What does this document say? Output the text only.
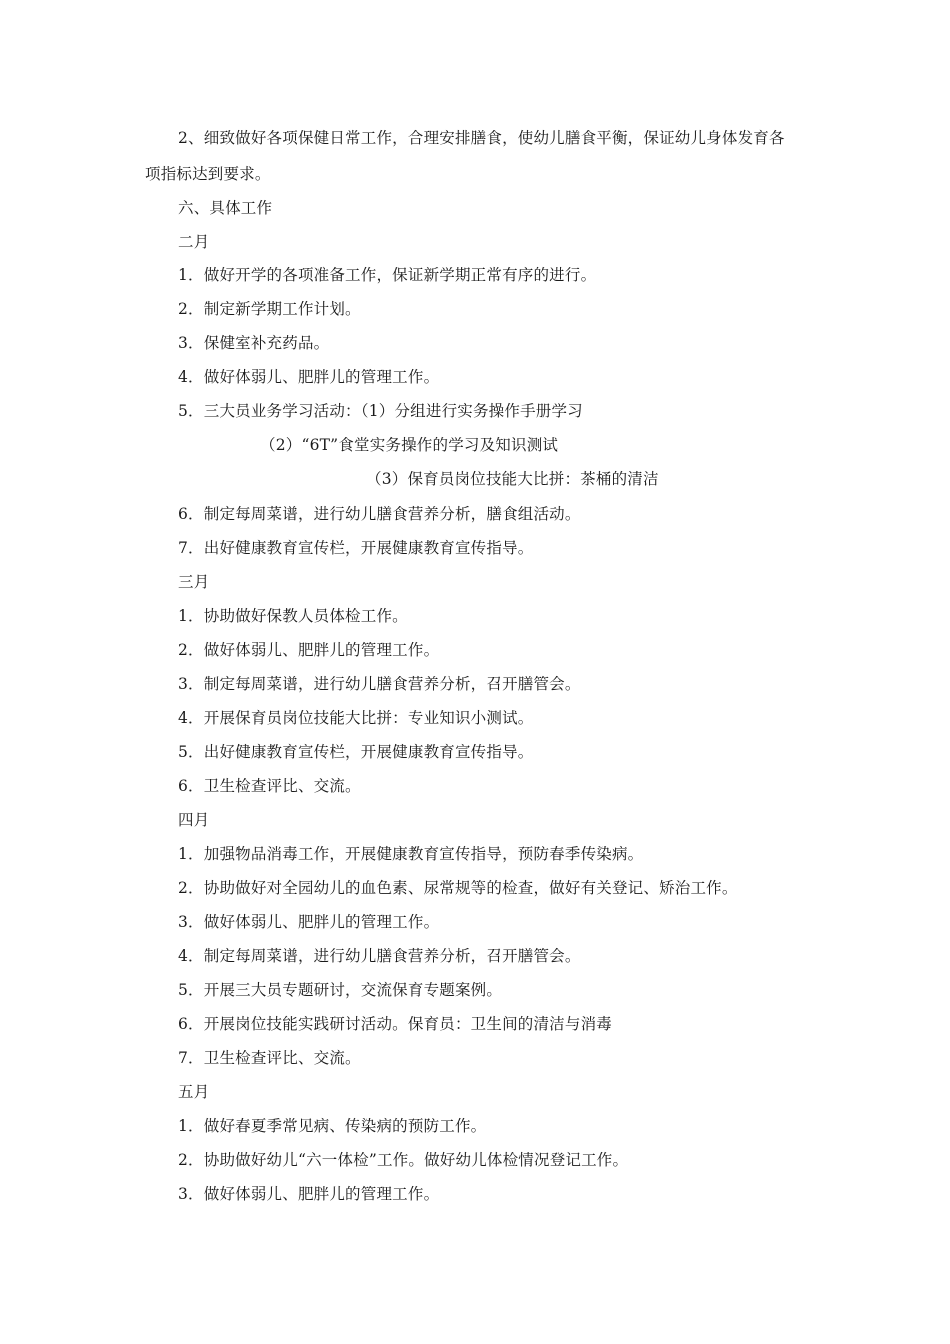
2、细致做好各项保健日常工作，合理安排膳食，使幼儿膳食平衡，保证幼儿身体发育各
项指标达到要求。
六、具体工作
二月
1．做好开学的各项准备工作，保证新学期正常有序的进行。
2．制定新学期工作计划。
3．保健室补充药品。
4．做好体弱儿、肥胖儿的管理工作。
5．三大员业务学习活动：（1）分组进行实务操作手册学习
（2）“6T”食堂实务操作的学习及知识测试
（3）保育员岗位技能大比拼：茶桶的清洁
6．制定每周菜谱，进行幼儿膳食营养分析，膳食组活动。
7．出好健康教育宣传栏，开展健康教育宣传指导。
三月
1．协助做好保教人员体检工作。
2．做好体弱儿、肥胖儿的管理工作。
3．制定每周菜谱，进行幼儿膳食营养分析，召开膳管会。
4．开展保育员岗位技能大比拼：专业知识小测试。
5．出好健康教育宣传栏，开展健康教育宣传指导。
6．卫生检查评比、交流。
四月
1．加强物品消毒工作，开展健康教育宣传指导，预防春季传染病。
2．协助做好对全园幼儿的血色素、尿常规等的检查，做好有关登记、矫治工作。
3．做好体弱儿、肥胖儿的管理工作。
4．制定每周菜谱，进行幼儿膳食营养分析，召开膳管会。
5．开展三大员专题研讨，交流保育专题案例。
6．开展岗位技能实践研讨活动。保育员：卫生间的清洁与消毒
7．卫生检查评比、交流。
五月
1．做好春夏季常见病、传染病的预防工作。
2．协助做好幼儿“六一体检”工作。做好幼儿体检情况登记工作。
3．做好体弱儿、肥胖儿的管理工作。
